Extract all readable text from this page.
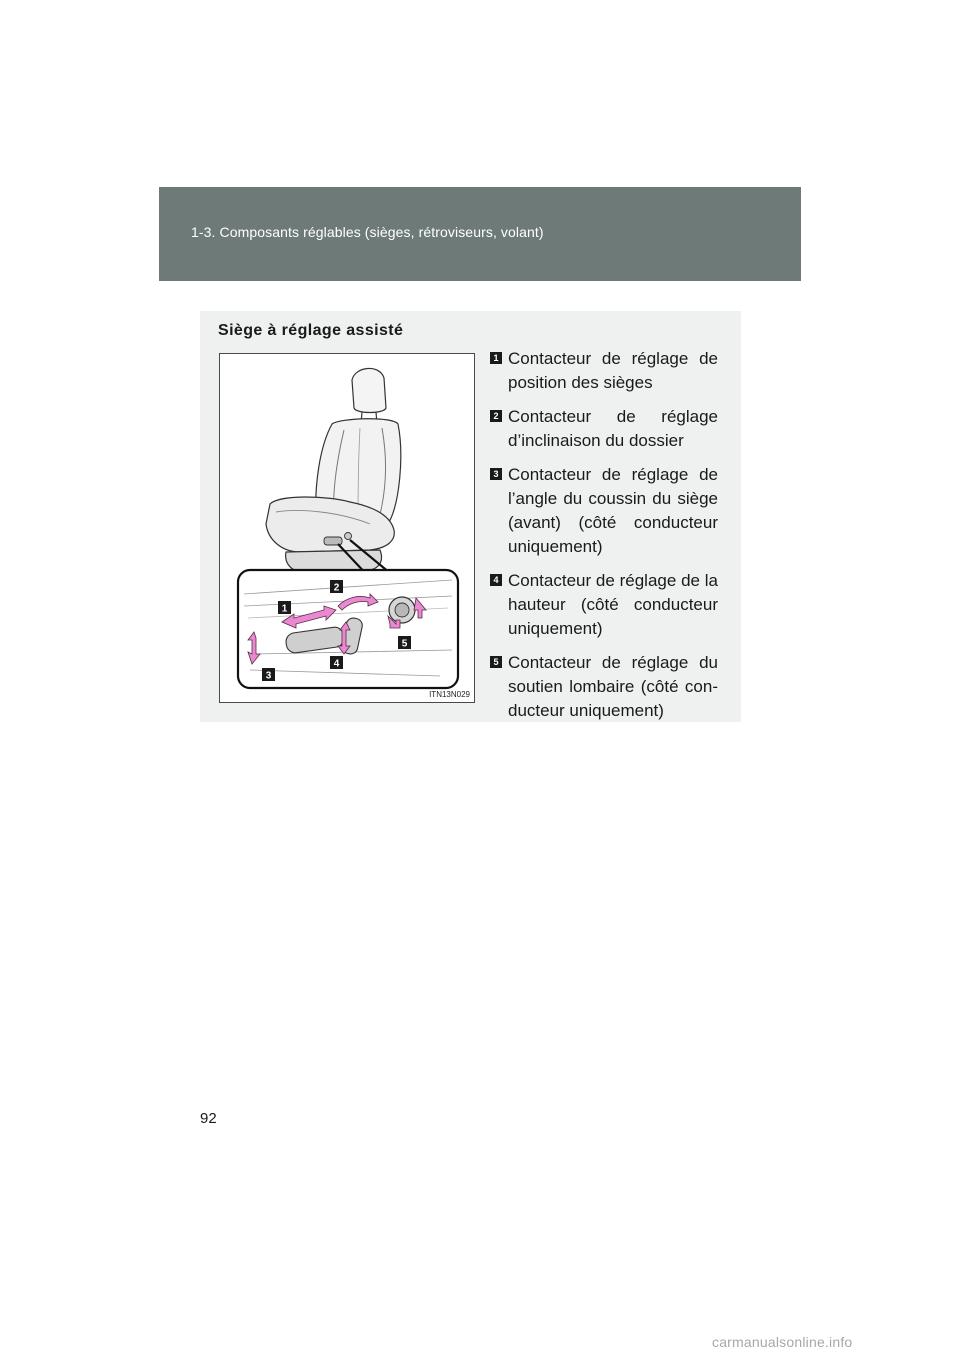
1-3. Composants réglables (sièges, rétroviseurs, volant)
Siège à réglage assisté
1
2
3
4
5
ITN13N029
1 Contacteur de réglage de position des sièges
2 Contacteur de réglage d’inclinaison du dossier
3 Contacteur de réglage de l’angle du coussin du siège (avant) (côté conducteur uniquement)
4 Contacteur de réglage de la hauteur (côté conducteur uniquement)
5 Contacteur de réglage du soutien lombaire (côté con-ducteur uniquement)
92
carmanualsonline.info
